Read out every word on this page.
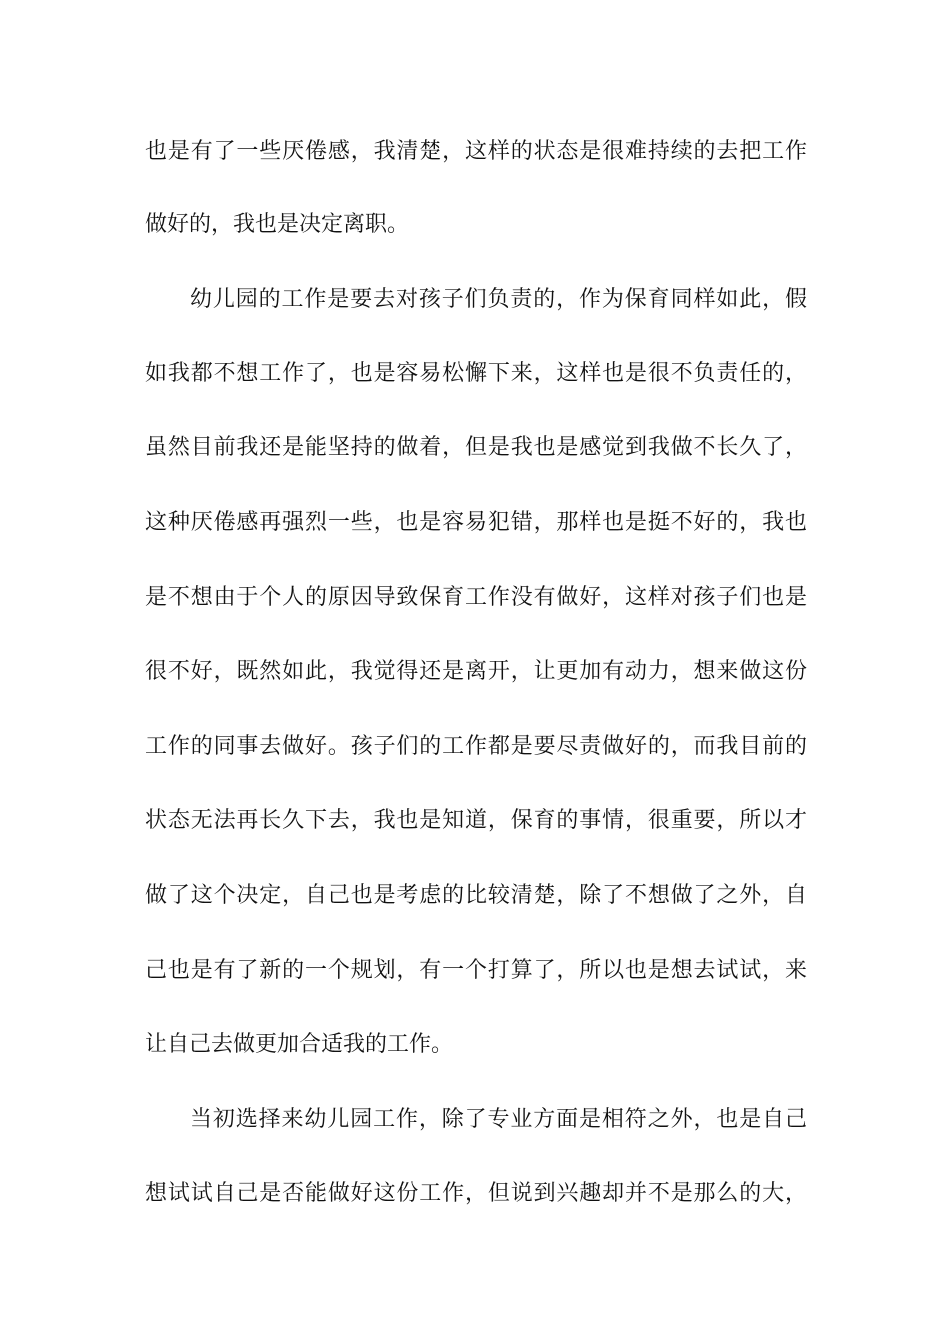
也是有了一些厌倦感，我清楚，这样的状态是很难持续的去把工作
做好的，我也是决定离职。
幼儿园的工作是要去对孩子们负责的，作为保育同样如此，假
如我都不想工作了，也是容易松懈下来，这样也是很不负责任的，
虽然目前我还是能坚持的做着，但是我也是感觉到我做不长久了，
这种厌倦感再强烈一些，也是容易犯错，那样也是挺不好的，我也
是不想由于个人的原因导致保育工作没有做好，这样对孩子们也是
很不好，既然如此，我觉得还是离开，让更加有动力，想来做这份
工作的同事去做好。孩子们的工作都是要尽责做好的，而我目前的
状态无法再长久下去，我也是知道，保育的事情，很重要，所以才
做了这个决定，自己也是考虑的比较清楚，除了不想做了之外，自
己也是有了新的一个规划，有一个打算了，所以也是想去试试，来
让自己去做更加合适我的工作。
当初选择来幼儿园工作，除了专业方面是相符之外，也是自己
想试试自己是否能做好这份工作，但说到兴趣却并不是那么的大，
